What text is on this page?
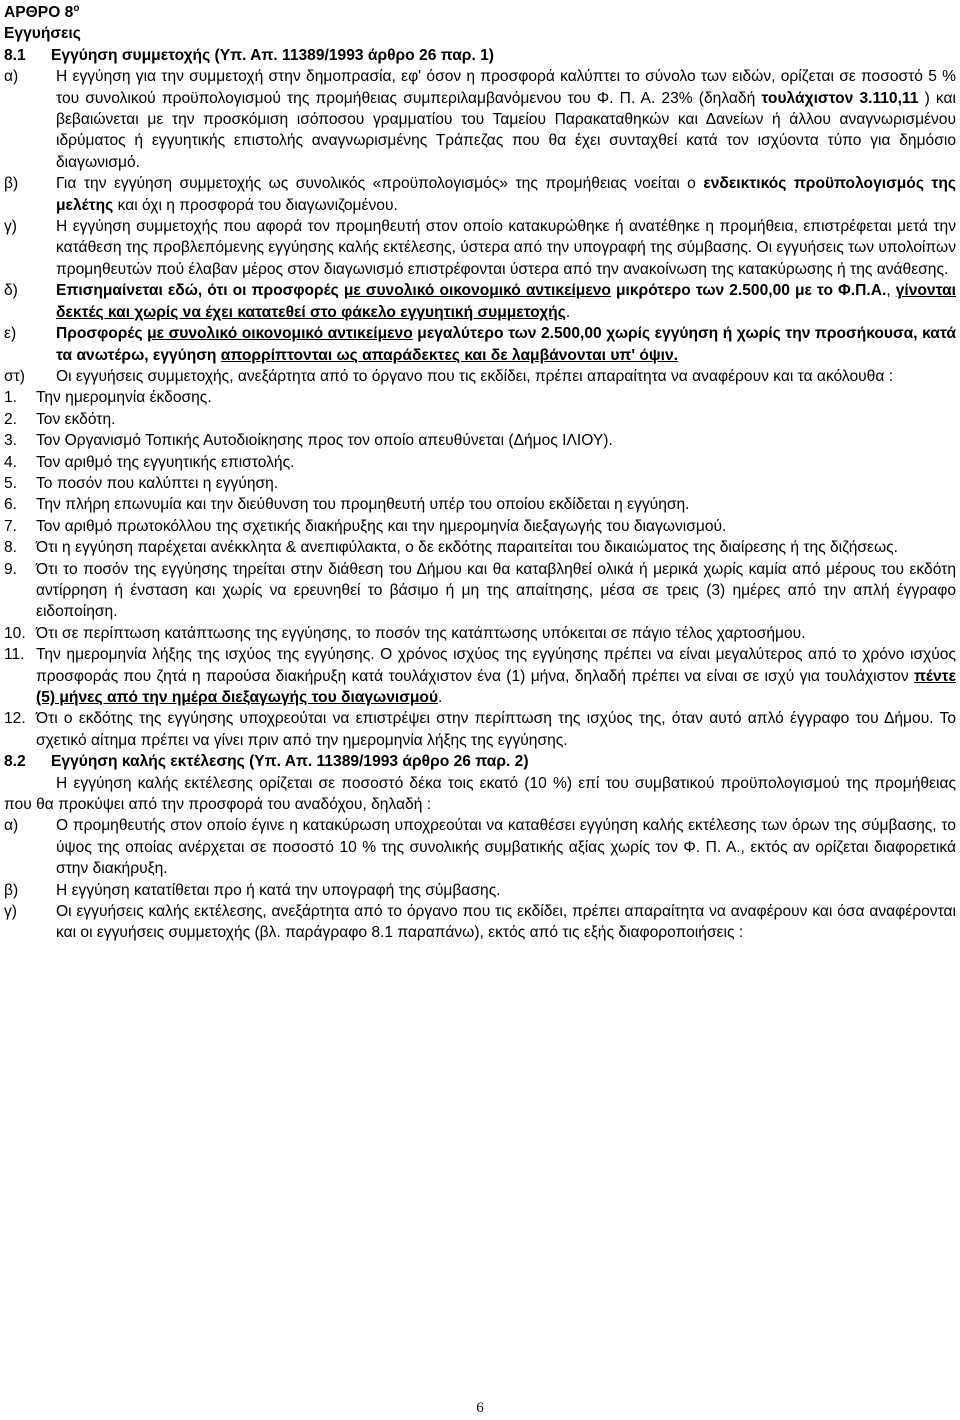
ΑΡΘΡΟ $8^o$
Εγγυήσεις
8.1	Εγγύηση συμμετοχής (Υπ. Απ. 11389/1993 άρθρο 26 παρ. 1)
α)	Η εγγύηση για την συμμετοχή στην δημοπρασία, εφ' όσον η προσφορά καλύπτει το σύνολο των ειδών, ορίζεται σε ποσοστό 5 % του συνολικού προϋπολογισμού της προμήθειας συμπεριλαμβανόμενου του Φ. Π. Α. 23% (δηλαδή τουλάχιστον 3.110,11 ) και βεβαιώνεται με την προσκόμιση ισόποσου γραμματίου του Ταμείου Παρακαταθηκών και Δανείων ή άλλου αναγνωρισμένου ιδρύματος ή εγγυητικής επιστολής αναγνωρισμένης Τράπεζας που θα έχει συνταχθεί κατά τον ισχύοντα τύπο για δημόσιο διαγωνισμό.
β)	Για την εγγύηση συμμετοχής ως συνολικός «προϋπολογισμός» της προμήθειας νοείται ο ενδεικτικός προϋπολογισμός της μελέτης και όχι η προσφορά του διαγωνιζομένου.
γ)	Η εγγύηση συμμετοχής που αφορά τον προμηθευτή στον οποίο κατακυρώθηκε ή ανατέθηκε η προμήθεια, επιστρέφεται μετά την κατάθεση της προβλεπόμενης εγγύησης καλής εκτέλεσης, ύστερα από την υπογραφή της σύμβασης. Οι εγγυήσεις των υπολοίπων προμηθευτών πού έλαβαν μέρος στον διαγωνισμό επιστρέφονται ύστερα από την ανακοίνωση της κατακύρωσης ή της ανάθεσης.
δ)	Επισημαίνεται εδώ, ότι οι προσφορές με συνολικό οικονομικό αντικείμενο μικρότερο των 2.500,00 με το Φ.Π.Α., γίνονται δεκτές και χωρίς να έχει κατατεθεί στο φάκελο εγγυητική συμμετοχής.
ε)	Προσφορές με συνολικό οικονομικό αντικείμενο μεγαλύτερο των 2.500,00 χωρίς εγγύηση ή χωρίς την προσήκουσα, κατά τα ανωτέρω, εγγύηση απορρίπτονται ως απαράδεκτες και δε λαμβάνονται υπ' όψιν.
στ)	Οι εγγυήσεις συμμετοχής, ανεξάρτητα από το όργανο που τις εκδίδει, πρέπει απαραίτητα να αναφέρουν και τα ακόλουθα :
1.	Την ημερομηνία έκδοσης.
2.	Τον εκδότη.
3.	Τον Οργανισμό Τοπικής Αυτοδιοίκησης προς τον οποίο απευθύνεται (Δήμος ΙΛΙΟΥ).
4.	Τον αριθμό της εγγυητικής επιστολής.
5.	Το ποσόν που καλύπτει η εγγύηση.
6.	Την πλήρη επωνυμία και την διεύθυνση του προμηθευτή υπέρ του οποίου εκδίδεται η εγγύηση.
7.	Τον αριθμό πρωτοκόλλου της σχετικής διακήρυξης και την ημερομηνία διεξαγωγής του διαγωνισμού.
8.	Ότι η εγγύηση παρέχεται ανέκκλητα & ανεπιφύλακτα, ο δε εκδότης παραιτείται του δικαιώματος της διαίρεσης ή της διζήσεως.
9.	Ότι το ποσόν της εγγύησης τηρείται στην διάθεση του Δήμου και θα καταβληθεί ολικά ή μερικά χωρίς καμία από μέρους του εκδότη αντίρρηση ή ένσταση και χωρίς να ερευνηθεί το βάσιμο ή μη της απαίτησης, μέσα σε τρεις (3) ημέρες από την απλή έγγραφο ειδοποίηση.
10. Ότι σε περίπτωση κατάπτωσης της εγγύησης, το ποσόν της κατάπτωσης υπόκειται σε πάγιο τέλος χαρτοσήμου.
11. Την ημερομηνία λήξης της ισχύος της εγγύησης. Ο χρόνος ισχύος της εγγύησης πρέπει να είναι μεγαλύτερος από το χρόνο ισχύος προσφοράς που ζητά η παρούσα διακήρυξη κατά τουλάχιστον ένα (1) μήνα, δηλαδή πρέπει να είναι σε ισχύ για τουλάχιστον πέντε (5) μήνες από την ημέρα διεξαγωγής του διαγωνισμού.
12. Ότι ο εκδότης της εγγύησης υποχρεούται να επιστρέψει στην περίπτωση της ισχύος της, όταν αυτό απλό έγγραφο του Δήμου. Το σχετικό αίτημα πρέπει να γίνει πριν από την ημερομηνία λήξης της εγγύησης.
8.2	Εγγύηση καλής εκτέλεσης (Υπ. Απ. 11389/1993 άρθρο 26 παρ. 2)
Η εγγύηση καλής εκτέλεσης ορίζεται σε ποσοστό δέκα τοις εκατό (10 %) επί του συμβατικού προϋπολογισμού της προμήθειας που θα προκύψει από την προσφορά του αναδόχου, δηλαδή :
α)	Ο προμηθευτής στον οποίο έγινε η κατακύρωση υποχρεούται να καταθέσει εγγύηση καλής εκτέλεσης των όρων της σύμβασης, το ύψος της οποίας ανέρχεται σε ποσοστό 10 % της συνολικής συμβατικής αξίας χωρίς τον Φ. Π. Α., εκτός αν ορίζεται διαφορετικά στην διακήρυξη.
β)	Η εγγύηση κατατίθεται προ ή κατά την υπογραφή της σύμβασης.
γ)	Οι εγγυήσεις καλής εκτέλεσης, ανεξάρτητα από το όργανο που τις εκδίδει, πρέπει απαραίτητα να αναφέρουν και όσα αναφέρονται και οι εγγυήσεις συμμετοχής (βλ. παράγραφο 8.1 παραπάνω), εκτός από τις εξής διαφοροποιήσεις :
6
